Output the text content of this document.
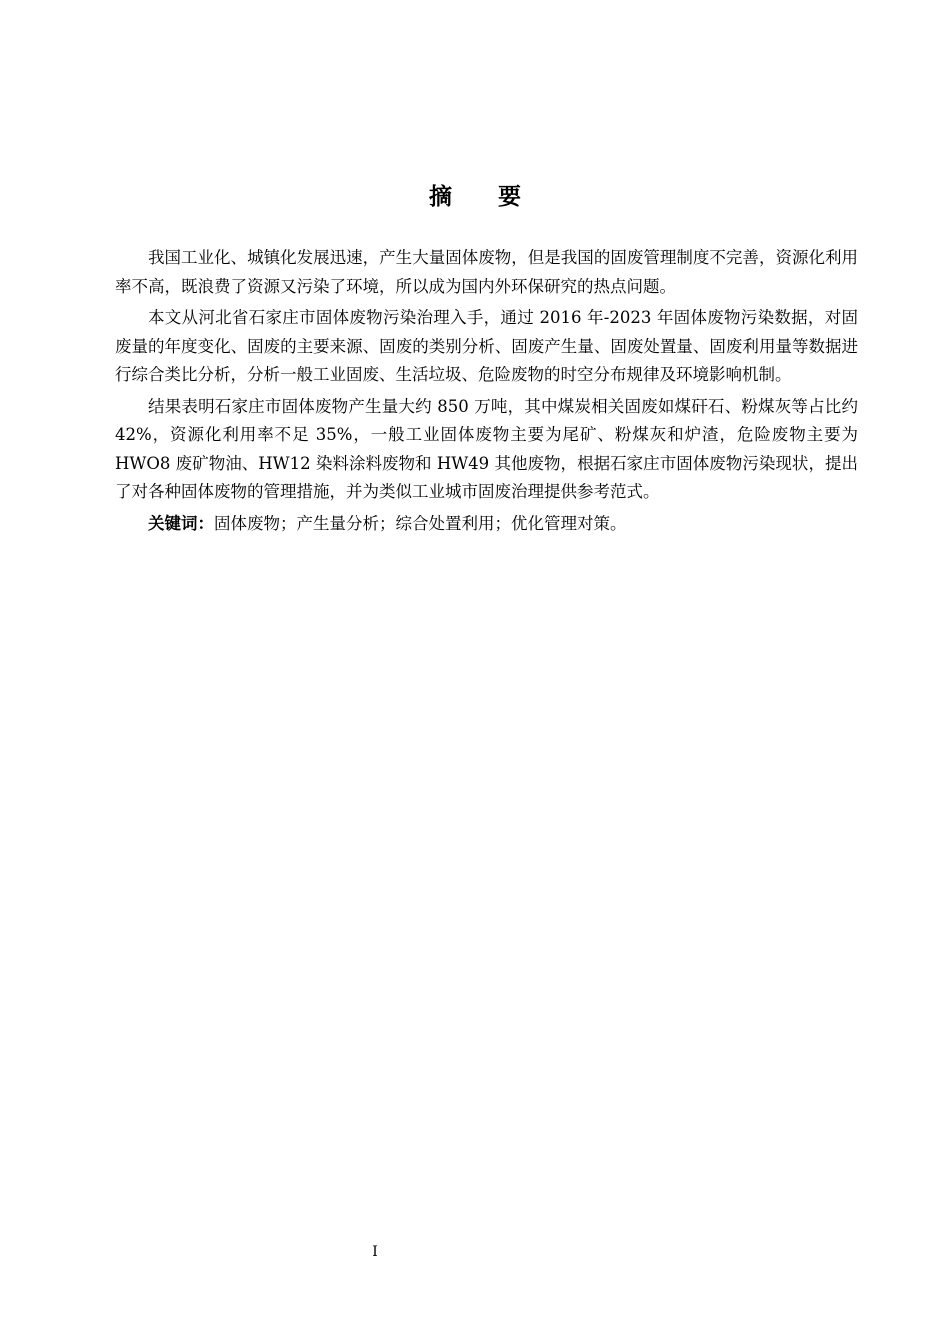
摘 要

我国工业化、城镇化发展迅速，产生大量固体废物，但是我国的固废管理制度不完善，资源化利用率不高，既浪费了资源又污染了环境，所以成为国内外环保研究的热点问题。

本文从河北省石家庄市固体废物污染治理入手，通过 2016 年-2023 年固体废物污染数据，对固废量的年度变化、固废的主要来源、固废的类别分析、固废产生量、固废处置量、固废利用量等数据进行综合类比分析，分析一般工业固废、生活垃圾、危险废物的时空分布规律及环境影响机制。

结果表明石家庄市固体废物产生量大约 850 万吨，其中煤炭相关固废如煤矸石、粉煤灰等占比约 42%，资源化利用率不足 35%，一般工业固体废物主要为尾矿、粉煤灰和炉渣，危险废物主要为 HWO8 废矿物油、HW12 染料涂料废物和 HW49 其他废物，根据石家庄市固体废物污染现状，提出了对各种固体废物的管理措施，并为类似工业城市固废治理提供参考范式。

关键词：固体废物；产生量分析；综合处置利用；优化管理对策。

I
